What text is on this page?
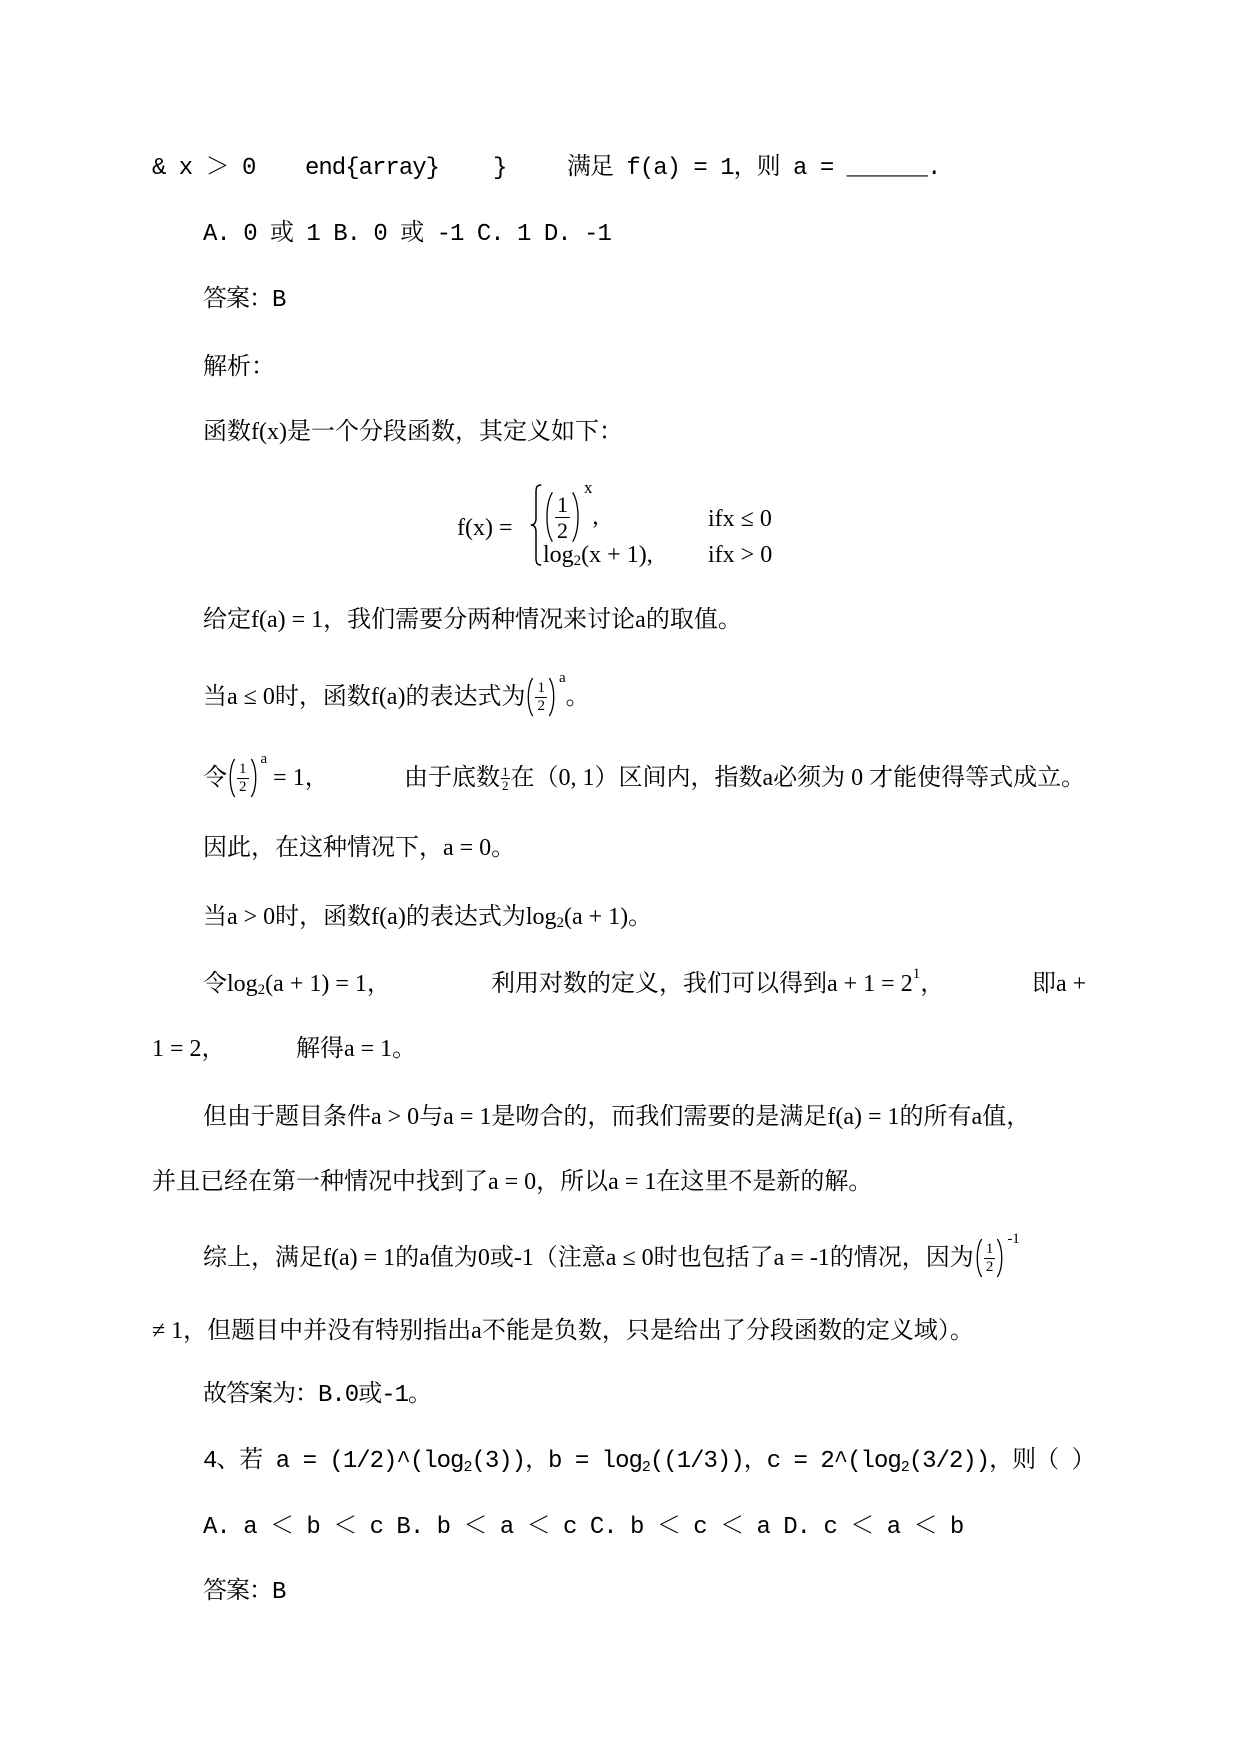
& x ＞ 0 end{array} }	满足 f(a) = 1，则 a = ______.
A. 0 或 1 B. 0 或 -1 C. 1 D. -1
答案：B
解析：
函数f(x)是一个分段函数，其定义如下：
$f(x) = \frac{1}{2}$
x
,	ifx ≤ 0
log 2 (x + 1), ifx > 0
给定f(a) = 1，我们需要分两种情况来讨论a的取值。
当a ≤ 0时，函数f(a)的表达式为 $\frac{1}{2}$
a
。
令 $\frac{1}{2}$
a
= 1，	由于底数 $\frac{1}{2}$ 在（0, 1）区间内，指数a必须为 0 才能使得等式成立。
因此，在这种情况下，a = 0。
当a > 0时，函数f(a)的表达式为log 2 (a + 1)。
令log 2 (a + 1) = 1，	利用对数的定义，我们可以得到a + 1 = 2 1 ，	即a +
1 = 2，	解得a = 1。
但由于题目条件a > 0与a = 1是吻合的，而我们需要的是满足f(a) = 1的所有a值，
并且已经在第一种情况中找到了a = 0，所以a = 1在这里不是新的解。
综上，满足f(a) = 1的a值为0或-1（注意a ≤ 0时也包括了a = -1的情况，因为 $\frac{1}{2}$
-1
≠ 1，但题目中并没有特别指出a不能是负数，只是给出了分段函数的定义域）。
故答案为：B.0或-1。
4、若 a = (1/2)^(log 2 (3))，b = log 2 ((1/3))，c = 2^(log 2 (3/2))，则（ ）
A. a ＜ b ＜ c B. b ＜ a ＜ c C. b ＜ c ＜ a D. c ＜ a ＜ b
答案：B
